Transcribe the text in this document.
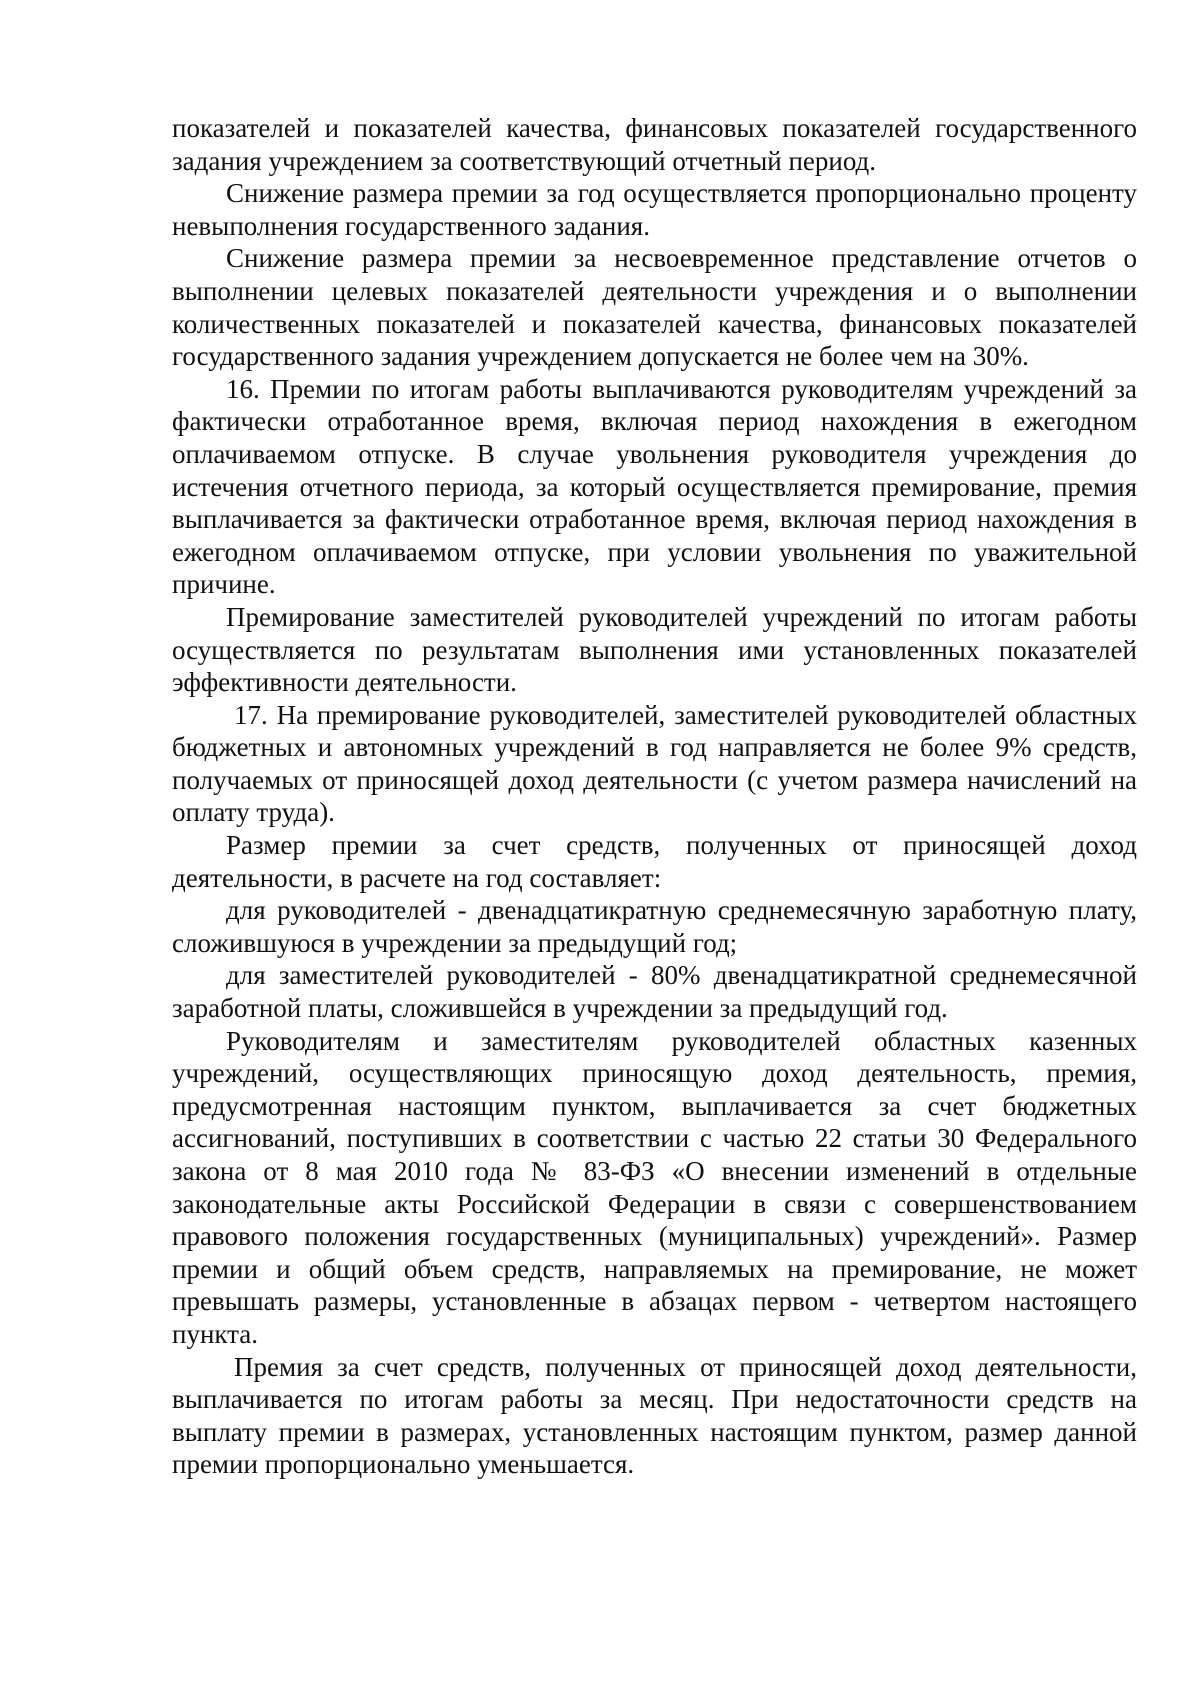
показателей и показателей качества, финансовых показателей государственного задания учреждением за соответствующий отчетный период.

Снижение размера премии за год осуществляется пропорционально проценту невыполнения государственного задания.

Снижение размера премии за несвоевременное представление отчетов о выполнении целевых показателей деятельности учреждения и о выполнении количественных показателей и показателей качества, финансовых показателей государственного задания учреждением допускается не более чем на 30%.

16. Премии по итогам работы выплачиваются руководителям учреждений за фактически отработанное время, включая период нахождения в ежегодном оплачиваемом отпуске. В случае увольнения руководителя учреждения до истечения отчетного периода, за который осуществляется премирование, премия выплачивается за фактически отработанное время, включая период нахождения в ежегодном оплачиваемом отпуске, при условии увольнения по уважительной причине.

Премирование заместителей руководителей учреждений по итогам работы осуществляется по результатам выполнения ими установленных показателей эффективности деятельности.

17. На премирование руководителей, заместителей руководителей областных бюджетных и автономных учреждений в год направляется не более 9% средств, получаемых от приносящей доход деятельности (с учетом размера начислений на оплату труда).

Размер премии за счет средств, полученных от приносящей доход деятельности, в расчете на год составляет:

для руководителей - двенадцатикратную среднемесячную заработную плату, сложившуюся в учреждении за предыдущий год;

для заместителей руководителей - 80% двенадцатикратной среднемесячной заработной платы, сложившейся в учреждении за предыдущий год.

Руководителям и заместителям руководителей областных казенных учреждений, осуществляющих приносящую доход деятельность, премия, предусмотренная настоящим пунктом, выплачивается за счет бюджетных ассигнований, поступивших в соответствии с частью 22 статьи 30 Федерального закона от 8 мая 2010 года № 83-ФЗ «О внесении изменений в отдельные законодательные акты Российской Федерации в связи с совершенствованием правового положения государственных (муниципальных) учреждений». Размер премии и общий объем средств, направляемых на премирование, не может превышать размеры, установленные в абзацах первом - четвертом настоящего пункта.

Премия за счет средств, полученных от приносящей доход деятельности, выплачивается по итогам работы за месяц. При недостаточности средств на выплату премии в размерах, установленных настоящим пунктом, размер данной премии пропорционально уменьшается.
